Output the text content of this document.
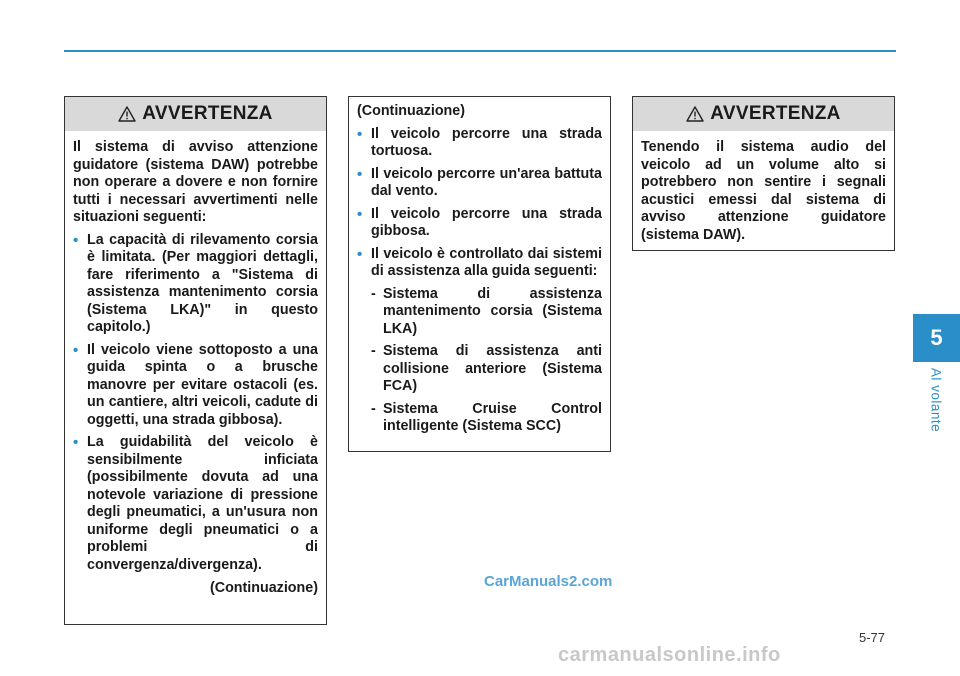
AVVERTENZA
Il sistema di avviso attenzione guidatore (sistema DAW) potrebbe non operare a dovere e non fornire tutti i necessari avvertimenti nelle situazioni seguenti:
• La capacità di rilevamento corsia è limitata. (Per maggiori dettagli, fare riferimento a "Sistema di assistenza mantenimento corsia (Sistema LKA)" in questo capitolo.)
• Il veicolo viene sottoposto a una guida spinta o a brusche manovre per evitare ostacoli (es. un cantiere, altri veicoli, cadute di oggetti, una strada gibbosa).
• La guidabilità del veicolo è sensibilmente inficiata (possibilmente dovuta ad una notevole variazione di pressione degli pneumatici, a un'usura non uniforme degli pneumatici o a problemi di convergenza/divergenza).
(Continuazione)
(Continuazione)
• Il veicolo percorre una strada tortuosa.
• Il veicolo percorre un'area battuta dal vento.
• Il veicolo percorre una strada gibbosa.
• Il veicolo è controllato dai sistemi di assistenza alla guida seguenti:
- Sistema di assistenza mantenimento corsia (Sistema LKA)
- Sistema di assistenza anti collisione anteriore (Sistema FCA)
- Sistema Cruise Control intelligente (Sistema SCC)
AVVERTENZA
Tenendo il sistema audio del veicolo ad un volume alto si potrebbero non sentire i segnali acustici emessi dal sistema di avviso attenzione guidatore (sistema DAW).
5
Al volante
5-77
CarManuals2.com
carmanualsonline.info
